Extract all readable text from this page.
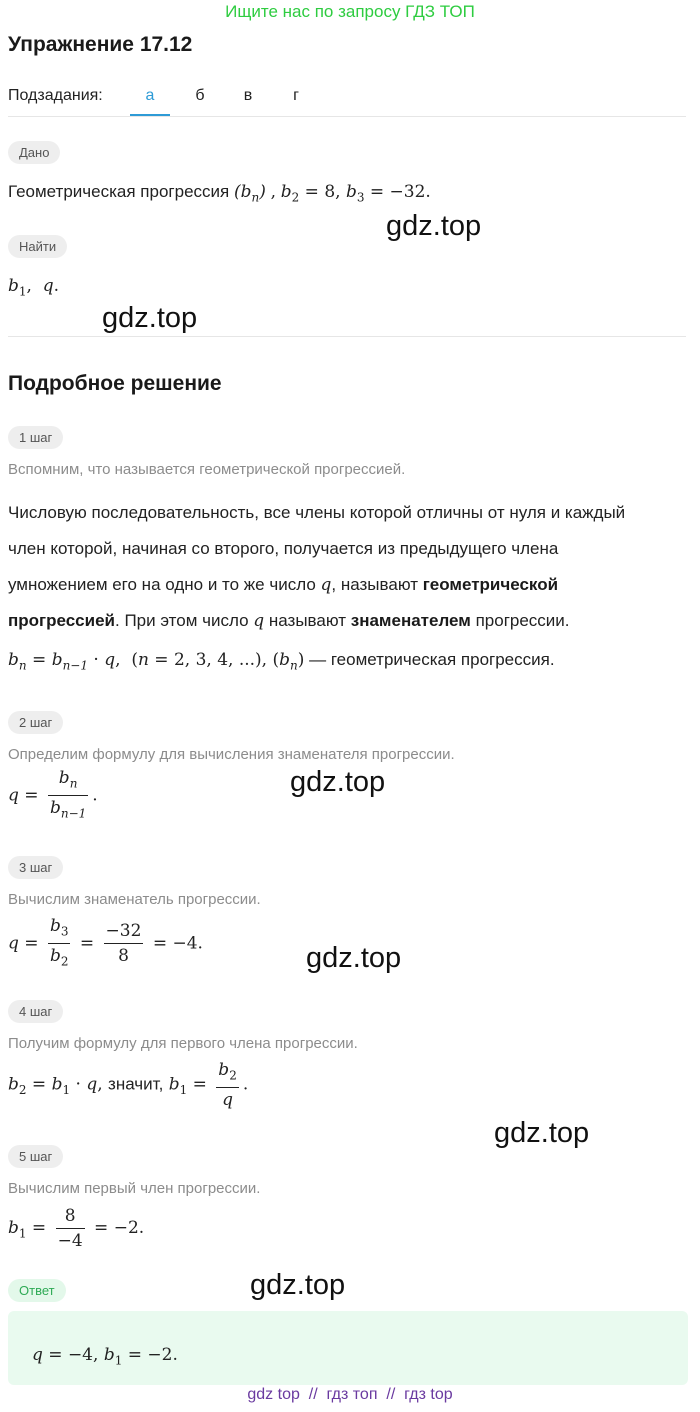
Ищите нас по запросу ГДЗ ТОП
Упражнение 17.12
Подзадания:	а	б	в	г
Дано
Геометрическая прогрессия $(b_n)$ , $b_2 = 8$, $b_3 = -32$.
gdz.top
Найти
$b_1$,  q.
gdz.top
Подробное решение
1 шаг
Вспомним, что называется геометрической прогрессией.
Числовую последовательность, все члены которой отличны от нуля и каждый
член которой, начиная со второго, получается из предыдущего члена
умножением его на одно и то же число q, называют геометрической
прогрессией. При этом число q называют знаменателем прогрессии.
$b_n = b_{n-1} \cdot q$,  (n = 2, 3, 4, ...), $(b_n)$ — геометрическая прогрессия.
2 шаг
Определим формулу для вычисления знаменателя прогрессии.
$q = \frac{b_n}{b_{n-1}}$ .	gdz.top
3 шаг
Вычислим знаменатель прогрессии.
$q = \frac{b_3}{b_2} = \frac{-32}{8} = -4$.	gdz.top
4 шаг
Получим формулу для первого члена прогрессии.
$b_2 = b_1 \cdot q$, значит, $b_1 = \frac{b_2}{q}$ .
gdz.top
5 шаг
Вычислим первый член прогрессии.
$b_1 = \frac{8}{-4} = -2$.
gdz.top
Ответ
q = −4, $b_1 = -2$.
gdz top  //  гдз топ  //  гдз top
